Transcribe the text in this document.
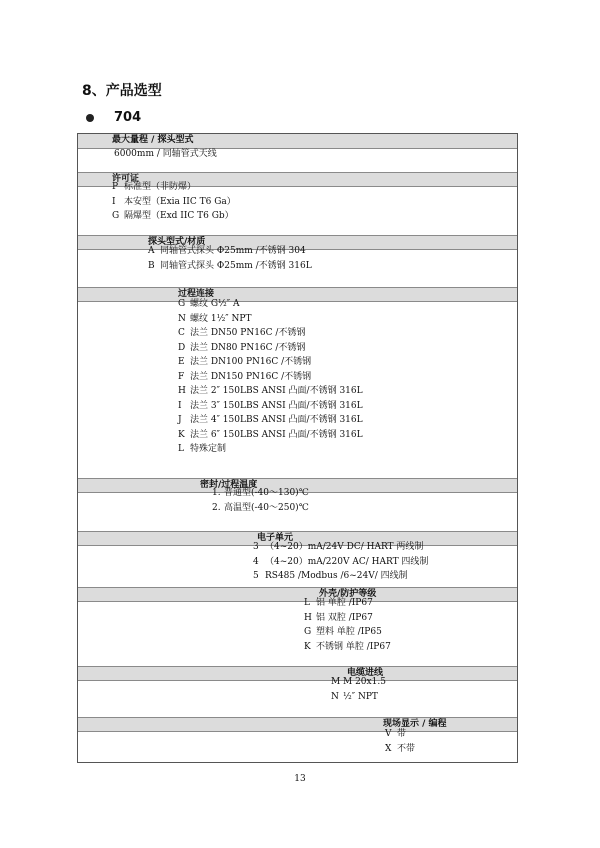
8、产品选型
704
最大量程 / 探头型式
6000mm / 同轴管式天线
许可证
P 标准型（非防爆）
I 本安型（Exia IIC T6 Ga）
G 隔爆型（Exd IIC T6 Gb）
探头型式/材质
A 同轴管式探头 Φ25mm /不锈钢 304
B 同轴管式探头 Φ25mm /不锈钢 316L
过程连接
G 螺纹 G½″ A
N 螺纹 1½″ NPT
C 法兰 DN50 PN16C /不锈钢
D 法兰 DN80 PN16C /不锈钢
E 法兰 DN100 PN16C /不锈钢
F 法兰 DN150 PN16C /不锈钢
H 法兰 2″ 150LBS ANSI 凸面/不锈钢 316L
I 法兰 3″ 150LBS ANSI 凸面/不锈钢 316L
J 法兰 4″ 150LBS ANSI 凸面/不锈钢 316L
K 法兰 6″ 150LBS ANSI 凸面/不锈钢 316L
L 特殊定制
密封/过程温度
1. 普通型(-40～130)℃
2. 高温型(-40～250)℃
电子单元
3 （4~20）mA/24V DC/ HART 两线制
4 （4~20）mA/220V AC/ HART 四线制
5 RS485 /Modbus /6~24V/ 四线制
外壳/防护等级
L 铝 单腔 /IP67
H 铝 双腔 /IP67
G 塑料 单腔 /IP65
K 不锈钢 单腔 /IP67
电缆进线
M M 20x1.5
N ½″ NPT
现场显示 / 编程
V 带
X 不带
13
